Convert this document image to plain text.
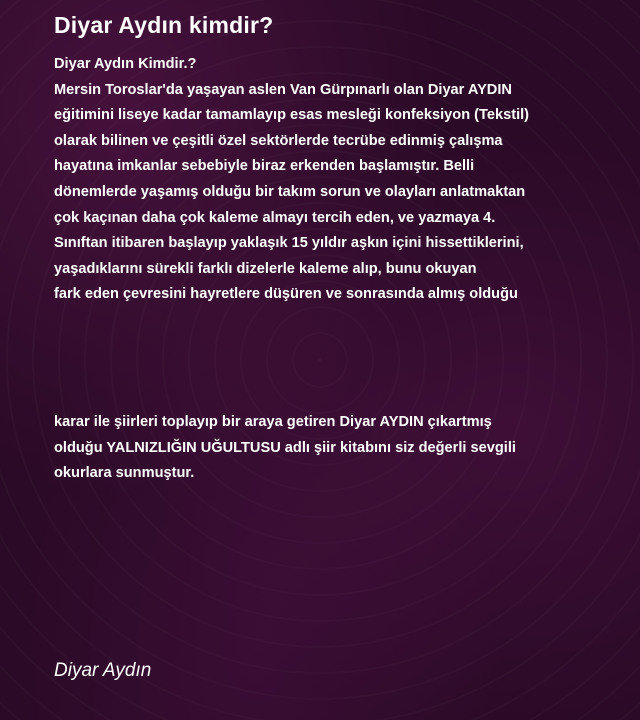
Diyar Aydın kimdir?

Diyar Aydın Kimdir.?
Mersin Toroslar'da yaşayan aslen Van Gürpınarlı olan Diyar AYDIN
eğitimini liseye kadar tamamlayıp esas mesleği konfeksiyon (Tekstil)
olarak bilinen ve çeşitli özel sektörlerde tecrübe edinmiş çalışma
hayatına imkanlar sebebiyle biraz erkenden başlamıştır. Belli
dönemlerde yaşamış olduğu bir takım sorun ve olayları anlatmaktan
çok kaçınan daha çok kaleme almayı tercih eden, ve yazmaya 4.
Sınıftan itibaren başlayıp yaklaşık 15 yıldır aşkın içini hissettiklerini,
yaşadıklarını sürekli farklı dizelerle kaleme alıp, bunu okuyan
fark eden çevresini hayretlere düşüren ve sonrasında almış olduğu

karar ile şiirleri toplayıp bir araya getiren Diyar AYDIN çıkartmış
olduğu YALNIZLIĞIN UĞULTUSU adlı şiir kitabını siz değerli sevgili
okurlara sunmuştur.

Diyar Aydın
